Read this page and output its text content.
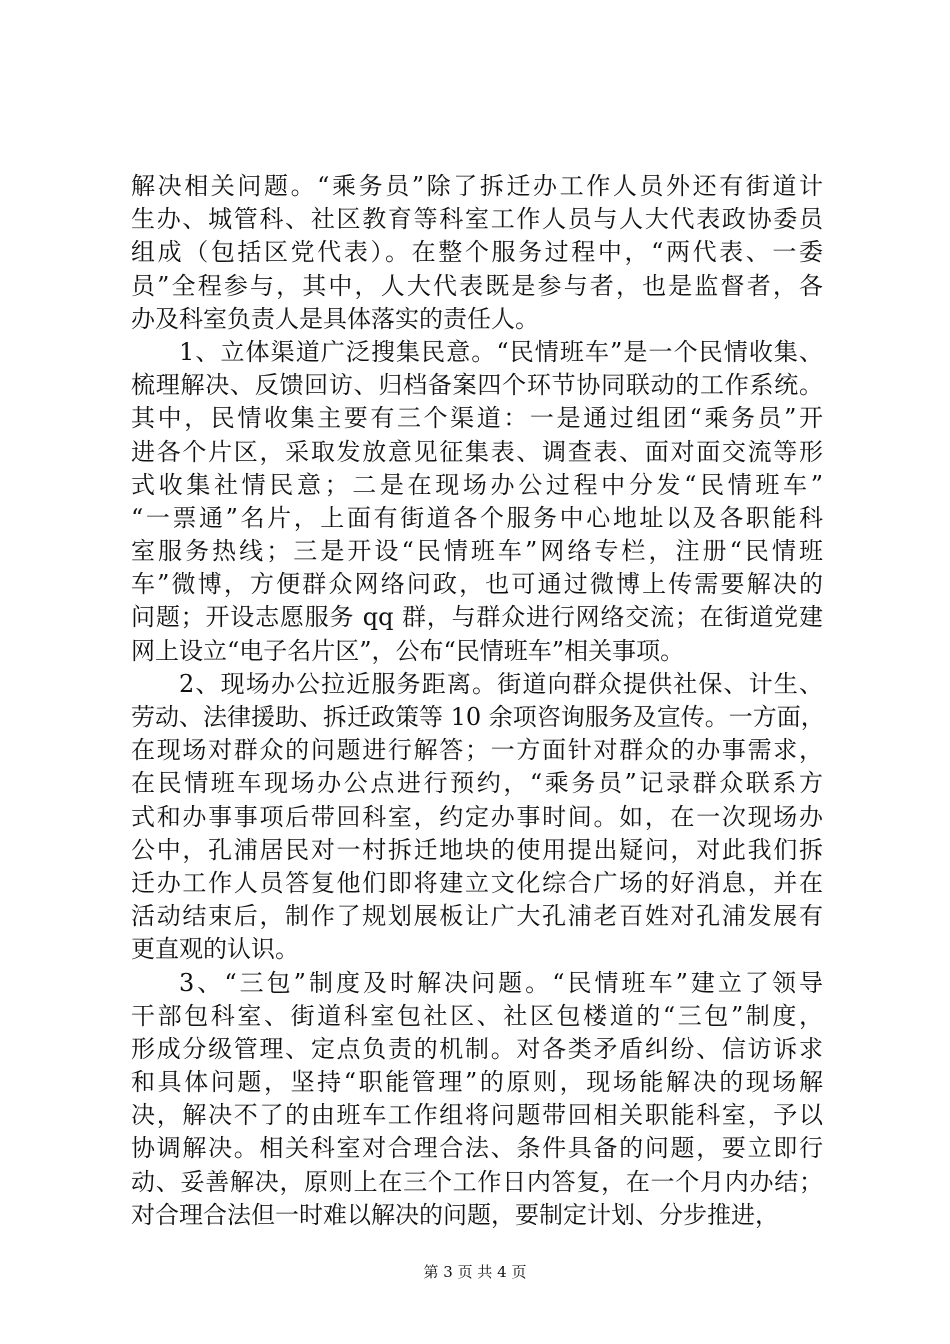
解决相关问题。“乘务员”除了拆迁办工作人员外还有街道计
生办、城管科、社区教育等科室工作人员与人大代表政协委员
组成（包括区党代表）。在整个服务过程中，“两代表、一委
员”全程参与，其中，人大代表既是参与者，也是监督者，各
办及科室负责人是具体落实的责任人。
1、立体渠道广泛搜集民意。“民情班车”是一个民情收集、
梳理解决、反馈回访、归档备案四个环节协同联动的工作系统。
其中，民情收集主要有三个渠道：一是通过组团“乘务员”开
进各个片区，采取发放意见征集表、调查表、面对面交流等形
式收集社情民意；二是在现场办公过程中分发“民情班车”
“一票通”名片，上面有街道各个服务中心地址以及各职能科
室服务热线；三是开设“民情班车”网络专栏，注册“民情班
车”微博，方便群众网络问政，也可通过微博上传需要解决的
问题；开设志愿服务 qq 群，与群众进行网络交流；在街道党建
网上设立“电子名片区”，公布“民情班车”相关事项。
2、现场办公拉近服务距离。街道向群众提供社保、计生、
劳动、法律援助、拆迁政策等 10 余项咨询服务及宣传。一方面，
在现场对群众的问题进行解答；一方面针对群众的办事需求，
在民情班车现场办公点进行预约，“乘务员”记录群众联系方
式和办事事项后带回科室，约定办事时间。如，在一次现场办
公中，孔浦居民对一村拆迁地块的使用提出疑问，对此我们拆
迁办工作人员答复他们即将建立文化综合广场的好消息，并在
活动结束后，制作了规划展板让广大孔浦老百姓对孔浦发展有
更直观的认识。
3、“三包”制度及时解决问题。“民情班车”建立了领导
干部包科室、街道科室包社区、社区包楼道的“三包”制度，
形成分级管理、定点负责的机制。对各类矛盾纠纷、信访诉求
和具体问题，坚持“职能管理”的原则，现场能解决的现场解
决，解决不了的由班车工作组将问题带回相关职能科室，予以
协调解决。相关科室对合理合法、条件具备的问题，要立即行
动、妥善解决，原则上在三个工作日内答复，在一个月内办结；
对合理合法但一时难以解决的问题，要制定计划、分步推进，
第 3 页 共 4 页
